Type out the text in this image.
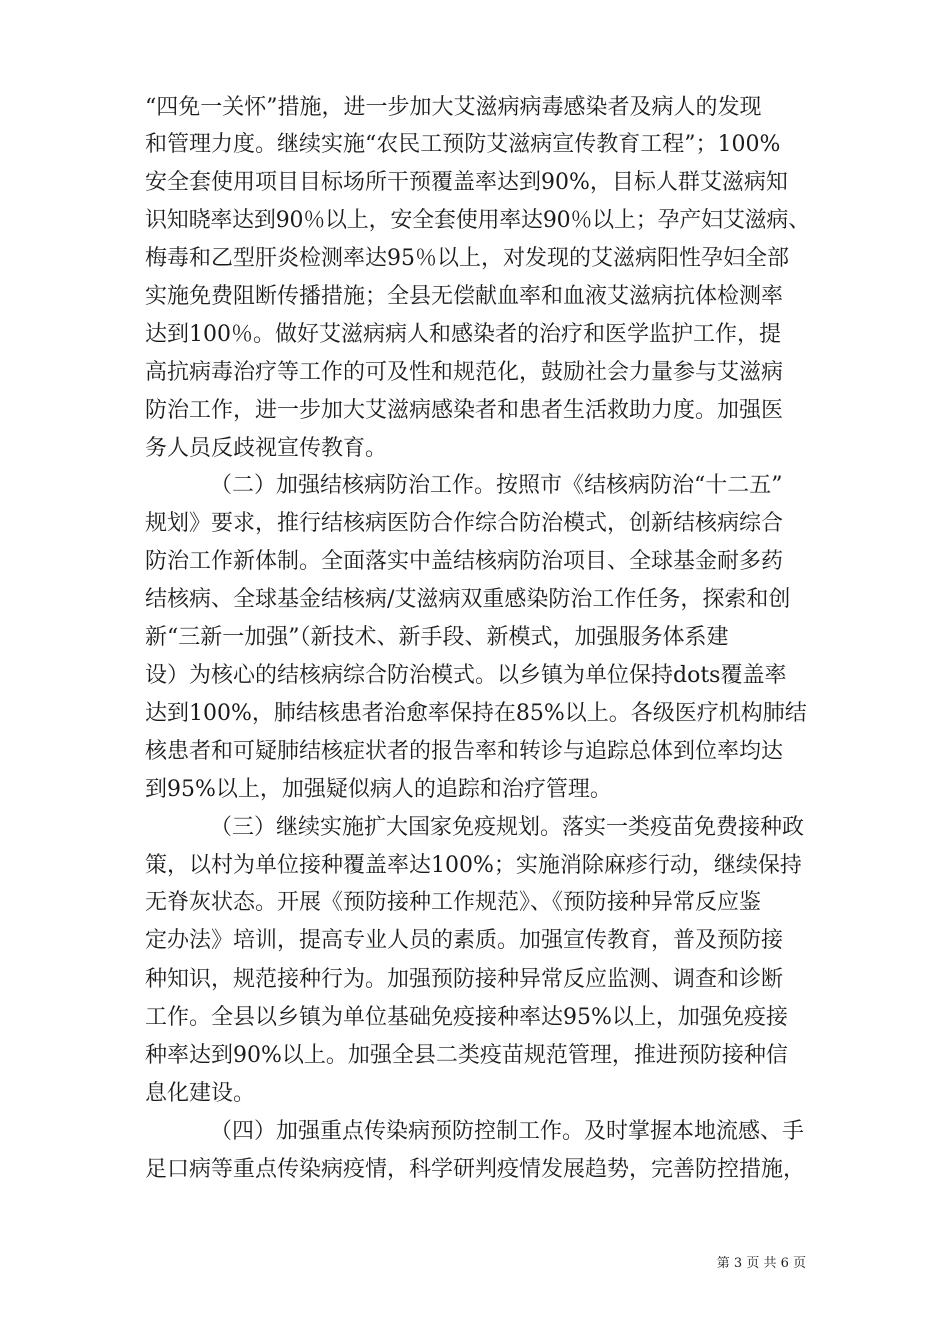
“四免一关怀”措施，进一步加大艾滋病病毒感染者及病人的发现
和管理力度。继续实施“农民工预防艾滋病宣传教育工程”；100%
安全套使用项目目标场所干预覆盖率达到90%，目标人群艾滋病知
识知晓率达到90％以上，安全套使用率达90％以上；孕产妇艾滋病、
梅毒和乙型肝炎检测率达95％以上，对发现的艾滋病阳性孕妇全部
实施免费阻断传播措施；全县无偿献血率和血液艾滋病抗体检测率
达到100％。做好艾滋病病人和感染者的治疗和医学监护工作，提
高抗病毒治疗等工作的可及性和规范化，鼓励社会力量参与艾滋病
防治工作，进一步加大艾滋病感染者和患者生活救助力度。加强医
务人员反歧视宣传教育。
（二）加强结核病防治工作。按照市《结核病防治“十二五”
规划》要求，推行结核病医防合作综合防治模式，创新结核病综合
防治工作新体制。全面落实中盖结核病防治项目、全球基金耐多药
结核病、全球基金结核病/艾滋病双重感染防治工作任务，探索和创
新“三新一加强”（新技术、新手段、新模式，加强服务体系建
设）为核心的结核病综合防治模式。以乡镇为单位保持dots覆盖率
达到100%，肺结核患者治愈率保持在85%以上。各级医疗机构肺结
核患者和可疑肺结核症状者的报告率和转诊与追踪总体到位率均达
到95%以上，加强疑似病人的追踪和治疗管理。
（三）继续实施扩大国家免疫规划。落实一类疫苗免费接种政
策，以村为单位接种覆盖率达100%；实施消除麻疹行动，继续保持
无脊灰状态。开展《预防接种工作规范》、《预防接种异常反应鉴
定办法》培训，提高专业人员的素质。加强宣传教育，普及预防接
种知识，规范接种行为。加强预防接种异常反应监测、调查和诊断
工作。全县以乡镇为单位基础免疫接种率达95%以上，加强免疫接
种率达到90%以上。加强全县二类疫苗规范管理，推进预防接种信
息化建设。
（四）加强重点传染病预防控制工作。及时掌握本地流感、手
足口病等重点传染病疫情，科学研判疫情发展趋势，完善防控措施，
第 3 页 共 6 页
